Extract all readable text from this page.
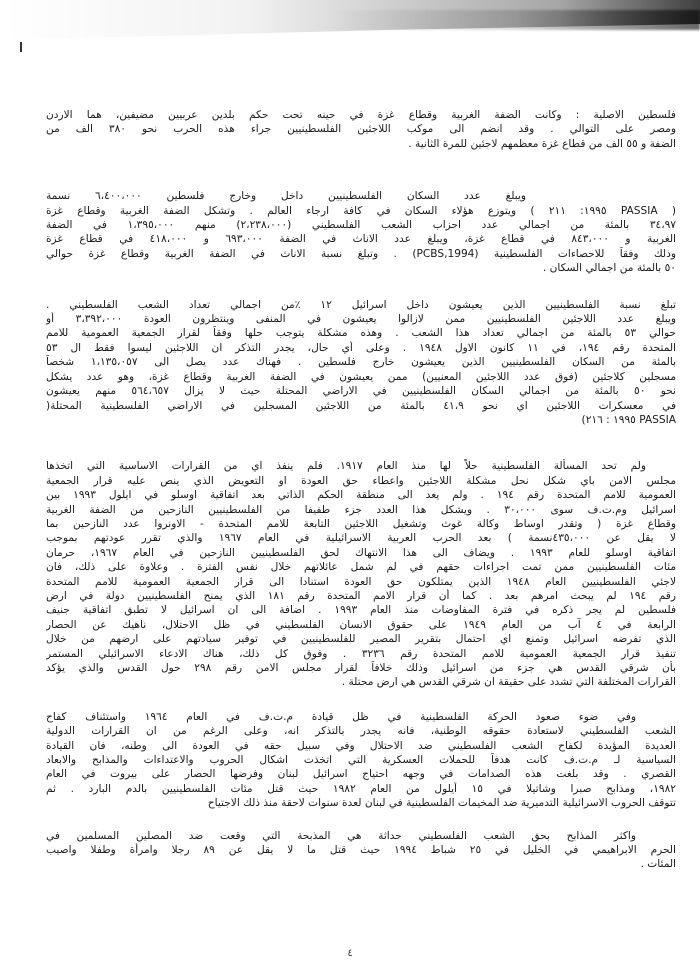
فلسطين الاصلية : وكانت الضفة الغربية وقطاع غزة في حينه تحت حكم بلدين عربيين مضيفين، هما الاردن
ومصر على التوالي . وقد انضم الى موكب اللاجئين الفلسطينيين جراء هذه الحرب نحو ٣٨٠ الف من
الضفة و ٥٥ الف من قطاع غزة معظمهم لاجئين للمرة الثانية .
ويبلغ عدد السكان الفلسطينيين داخل وخارج فلسطين ٦،٤٠٠،٠٠٠ نسمة
( PASSIA ١٩٩٥: ٢١١ ) ويتوزع هؤلاء السكان في كافة ارجاء العالم . وتشكل الضفة الغربية وقطاع غزة
٣٤،٩٧ بالمئة من اجمالي عدد احزاب الشعب الفلسطيني (٢،٢٣٨،٠٠٠) منهم ١،٣٩٥،٠٠٠ في الضفة
الغربية و ٨٤٣،٠٠٠ في قطاع غزة، ويبلغ عدد الاناث في الضفة ٦٩٣،٠٠٠ و ٤١٨،٠٠٠ في قطاع غزة
وذلك وفقاً للاحصاءات الفلسطينية (PCBS,1994) . وتبلغ نسبة الاناث في الضفة الغربية وقطاع غزة حوالي
٥٠ بالمئة من اجمالي السكان .
تبلغ نسبة الفلسطينيين الذين يعيشون داخل اسرائيل ١٢ ٪من اجمالي تعداد الشعب الفلسطيني .
ويبلغ عدد اللاجئين الفلسطينيين ممن لازالوا يعيشون في المنفى وينتظرون العودة ٣،٣٩٢،٠٠٠ أو
حوالي ٥٣ بالمئة من اجمالي تعداد هذا الشعب . وهذه مشكلة يتوجب حلها وفقاً لقرار الجمعية العمومية للامم
المتحدة رقم ١٩٤، في ١١ كانون الاول ١٩٤٨ . وعلى أي حال، يجدر التذكر ان اللاجئين ليسوا فقط ال ٥٣
بالمئة من السكان الفلسطينيين الذين يعيشون خارج فلسطين . فهناك عدد يصل الى ١،١٣٥،٠٥٧ شخصاً
مسجلين كلاجئين (فوق عدد اللاجئين المعنيين) ممن يعيشون في الضفة الغربية وقطاع غزة، وهو عدد يشكل
نحو ٥٠ بالمئة من اجمالي السكان الفلسطينيين في الاراضي المحتلة حيث لا يزال ٥٦٤،٦٥٧ منهم يعيشون
في معسكرات اللاجئين اي نحو ٤١،٩ بالمئة من اللاجئين المسجلين في الاراضي الفلسطينية المحتلة(
PASSIA ١٩٩٥ : ٢١٦)
ولم تحد المسألة الفلسطينية حلاً لها منذ العام ١٩١٧. فلم ينفذ اي من القرارات الاساسية التي اتخذها
مجلس الامن باي شكل نحل مشكلة اللاجئين واعطاء حق العودة او التعويض الذي ينص عليه قرار الجمعية
العمومية للامم المتحدة رقم ١٩٤ . ولم يعد الى منطقة الحكم الذاتي بعد اتفاقية اوسلو في ايلول ١٩٩٣ بين
اسرائيل وم.ت.ف سوى ٣٠،٠٠٠ . ويشكل هذا العدد جزء طفيفا من الفلسطينيين النازحين من الضفة الغربية
وقطاع غزة ( وتقدر اوساط وكالة غوث وتشغيل اللاجئين التابعة للامم المتحدة - الاونروا عدد النازحين بما
لا يقل عن ٤٣٥،٠٠٠نسمة ) بعد الحرب العربية الاسرائيلية في العام ١٩٦٧ والذي تقرر عودتهم بموجب
اتفاقية اوسلو للعام ١٩٩٣ . ويضاف الى هذا الانتهاك لحق الفلسطينيين النازحين في العام ١٩٦٧، حرمان
مئات الفلسطينيين ممن تمت اجراءات حقهم في لم شمل عائلاتهم خلال نفس الفترة . وعلاوة على ذلك، فان
لاجئي الفلسطينيين العام ١٩٤٨ الذين يمتلكون حق العودة استنادا الى قرار الجمعية العمومية للامم المتحدة
رقم ١٩٤ لم يبحث امرهم بعد . كما أن قرار الامم المتحدة رقم ١٨١ الذي يمنح الفلسطينيين دولة في ارض
فلسطين لم يجر ذكره في فترة المفاوضات منذ العام ١٩٩٣ . اضافة الى ان اسرائيل لا تطبق اتفاقية جنيف
الرابعة في ٤ آب من العام ١٩٤٩ على حقوق الانسان الفلسطيني في ظل الاحتلال، ناهيك عن الحصار
الذي تفرضه اسرائيل وتمنع اي احتمال بتقرير المصير للفلسطينيين في توفير سيادتهم على ارضهم من خلال
تنفيذ قرار الجمعية العمومية للامم المتحدة رقم ٣٢٣٦ . وفوق كل ذلك، هناك الادعاء الاسرائيلي المستمر
بأن شرقي القدس هي جزء من اسرائيل وذلك خلافاً لقرار مجلس الامن رقم ٢٩٨ حول القدس والذي يؤكد
القرارات المختلفة التي تشدد على حقيقة ان شرقي القدس هي ارض محتلة .
وفي ضوء صعود الحركة الفلسطينية في ظل قيادة م.ت.ف في العام ١٩٦٤ واستئناف كفاح
الشعب الفلسطيني لاستعادة حقوقه الوطنية، فانه يجدر بالتذكر انه، وعلى الرغم من ان القرارات الدولية
العديدة المؤيدة لكفاح الشعب الفلسطيني ضد الاحتلال وفي سبيل حقه في العودة الى وطنه، فان القيادة
السياسية لـ م.ت.ف كانت هدفاً للحملات العسكرية التي اتخذت اشكال الحروب والاعتداءات والمذابح والابعاد
القصري . وقد بلغت هذه الصدامات في وجهه احتياج اسرائيل لبنان وفرضها الحصار على بيروت في العام
١٩٨٢، ومذابح صبرا وشاتيلا في ١٥ أيلول من العام ١٩٨٢ حيث قتل مئات الفلسطينيين بالدم البارد . ثم
تتوقف الحروب الاسرائيلية التدميرية ضد المخيمات الفلسطينية في لبنان لعدة سنوات لاحقة منذ ذلك الاجتياح
واكثر المذابح بحق الشعب الفلسطيني حداثة هي المذبحة التي وقعت ضد المصلين المسلمين في
الحرم الابراهيمي في الخليل في ٢٥ شباط ١٩٩٤ حيث قتل ما لا يقل عن ٨٩ رجلا وامرأة وطفلا واصيب
المئات .
٤
